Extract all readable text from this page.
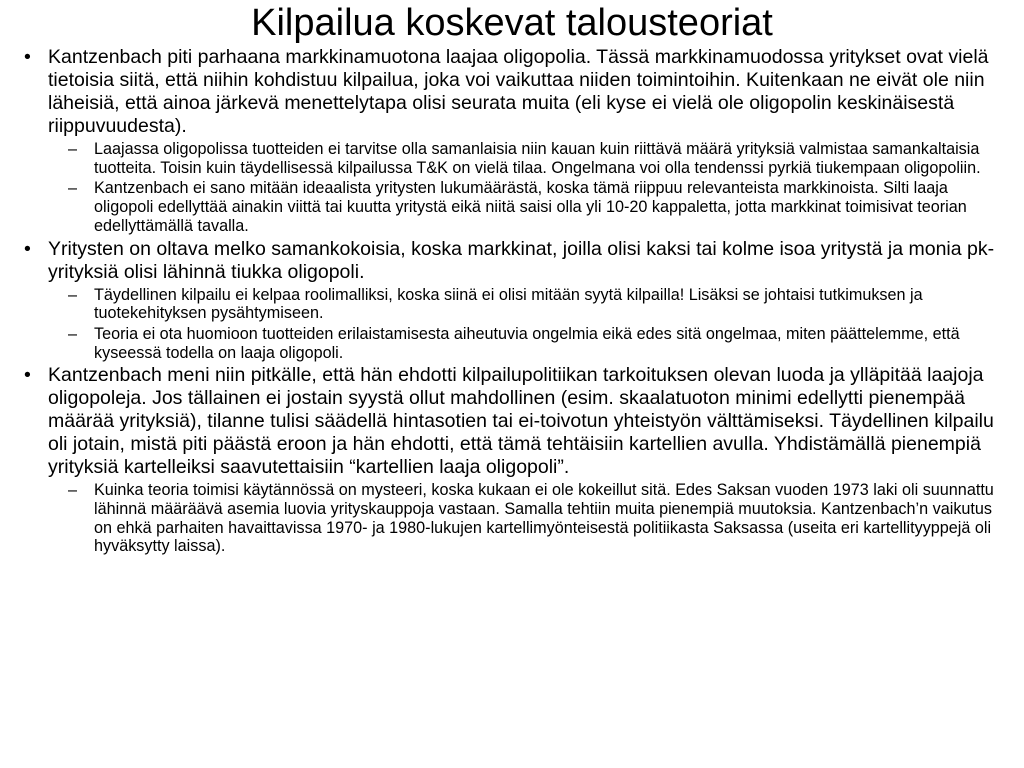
Kilpailua koskevat talousteoriat
• Kantzenbach piti parhaana markkinamuotona laajaa oligopolia. Tässä markkinamuodossa yritykset ovat vielä tietoisia siitä, että niihin kohdistuu kilpailua, joka voi vaikuttaa niiden toimintoihin. Kuitenkaan ne eivät ole niin läheisiä, että ainoa järkevä menettelytapa olisi seurata muita (eli kyse ei vielä ole oligopolin keskinäisestä riippuvuudesta).
– Laajassa oligopolissa tuotteiden ei tarvitse olla samanlaisia niin kauan kuin riittävä määrä yrityksiä valmistaa samankaltaisia tuotteita. Toisin kuin täydellisessä kilpailussa T&K on vielä tilaa. Ongelmana voi olla tendenssi pyrkiä tiukempaan oligopoliin.
– Kantzenbach ei sano mitään ideaalista yritysten lukumäärästä, koska tämä riippuu relevanteista markkinoista. Silti laaja oligopoli edellyttää ainakin viittä tai kuutta yritystä eikä niitä saisi olla yli 10-20 kappaletta, jotta markkinat toimisivat teorian edellyttämällä tavalla.
• Yritysten on oltava melko samankokoisia, koska markkinat, joilla olisi kaksi tai kolme isoa yritystä ja monia pk-yrityksiä olisi lähinnä tiukka oligopoli.
– Täydellinen kilpailu ei kelpaa roolimalliksi, koska siinä ei olisi mitään syytä kilpailla! Lisäksi se johtaisi tutkimuksen ja tuotekehityksen pysähtymiseen.
– Teoria ei ota huomioon tuotteiden erilaistamisesta aiheutuvia ongelmia eikä edes sitä ongelmaa, miten päättelemme, että kyseessä todella on laaja oligopoli.
• Kantzenbach meni niin pitkälle, että hän ehdotti kilpailupolitiikan tarkoituksen olevan luoda ja ylläpitää laajoja oligopoleja. Jos tällainen ei jostain syystä ollut mahdollinen (esim. skaalatuoton minimi edellytti pienempää määrää yrityksiä), tilanne tulisi säädellä hintasotien tai ei-toivotun yhteistyön välttämiseksi. Täydellinen kilpailu oli jotain, mistä piti päästä eroon ja hän ehdotti, että tämä tehtäisiin kartellien avulla. Yhdistämällä pienempiä yrityksiä kartelleiksi saavutettaisiin “kartellien laaja oligopoli”.
– Kuinka teoria toimisi käytännössä on mysteeri, koska kukaan ei ole kokeillut sitä. Edes Saksan vuoden 1973 laki oli suunnattu lähinnä määräävä asemia luovia yrityskauppoja vastaan. Samalla tehtiin muita pienempiä muutoksia. Kantzenbach’n vaikutus on ehkä parhaiten havaittavissa 1970- ja 1980-lukujen kartellimyönteisestä politiikasta Saksassa (useita eri kartellityyppejä oli hyväksytty laissa).
